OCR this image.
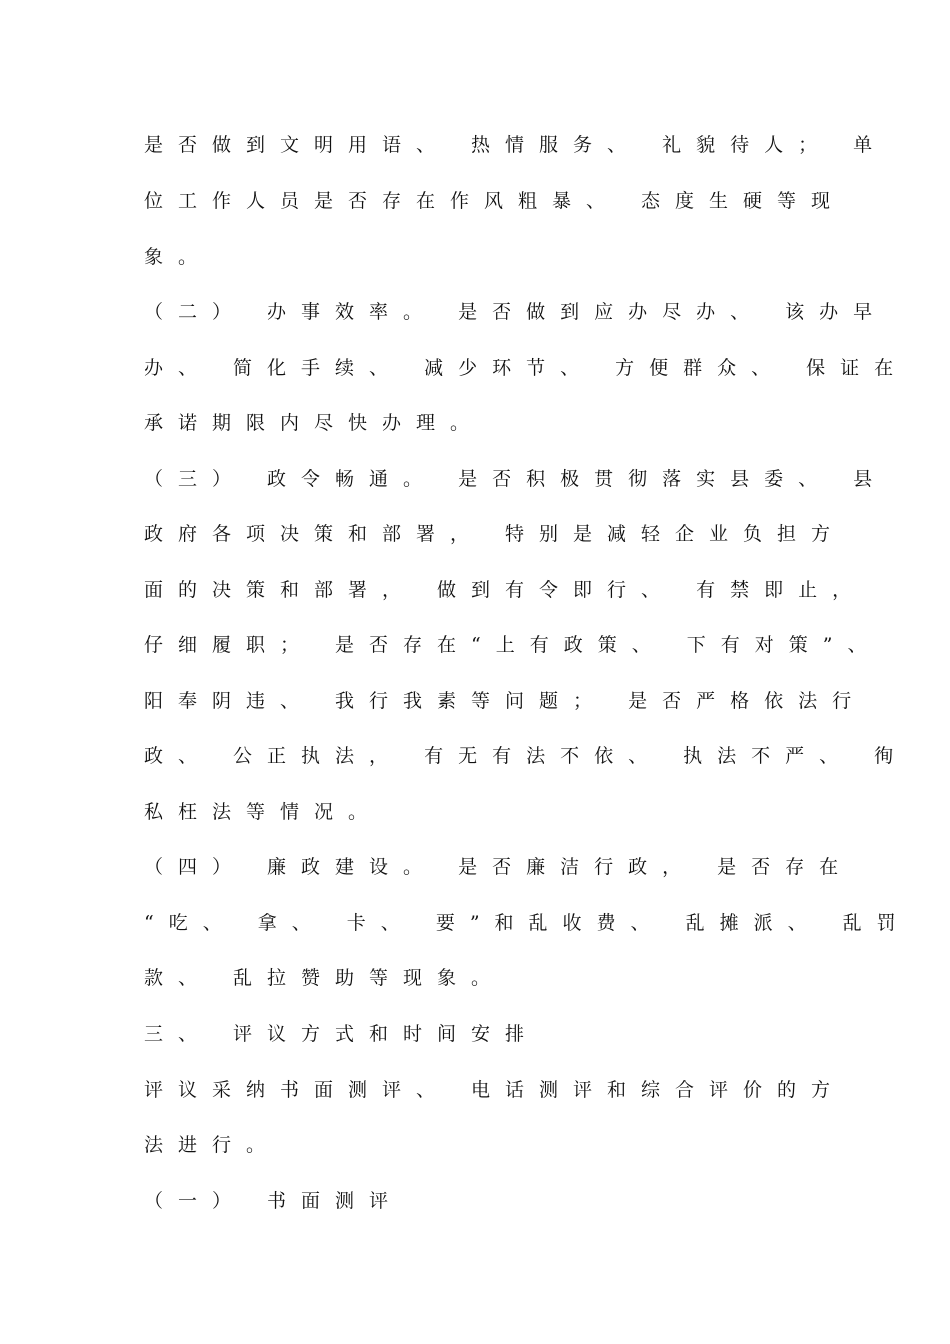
是否做到文明用语、 热情服务、 礼貌待人； 单
位工作人员是否存在作风粗暴、 态度生硬等现
象。
（二） 办事效率。 是否做到应办尽办、 该办早
办、 简化手续、 减少环节、 方便群众、 保证在
承诺期限内尽快办理。
（三） 政令畅通。 是否积极贯彻落实县委、 县
政府各项决策和部署， 特别是减轻企业负担方
面的决策和部署， 做到有令即行、 有禁即止，
仔细履职； 是否存在“上有政策、 下有对策”、
阳奉阴违、 我行我素等问题； 是否严格依法行
政、 公正执法， 有无有法不依、 执法不严、 徇
私枉法等情况。
（四） 廉政建设。 是否廉洁行政， 是否存在
“吃、 拿、 卡、 要”和乱收费、 乱摊派、 乱罚
款、 乱拉赞助等现象。
三、 评议方式和时间安排
评议采纳书面测评、 电话测评和综合评价的方
法进行。
（一） 书面测评
